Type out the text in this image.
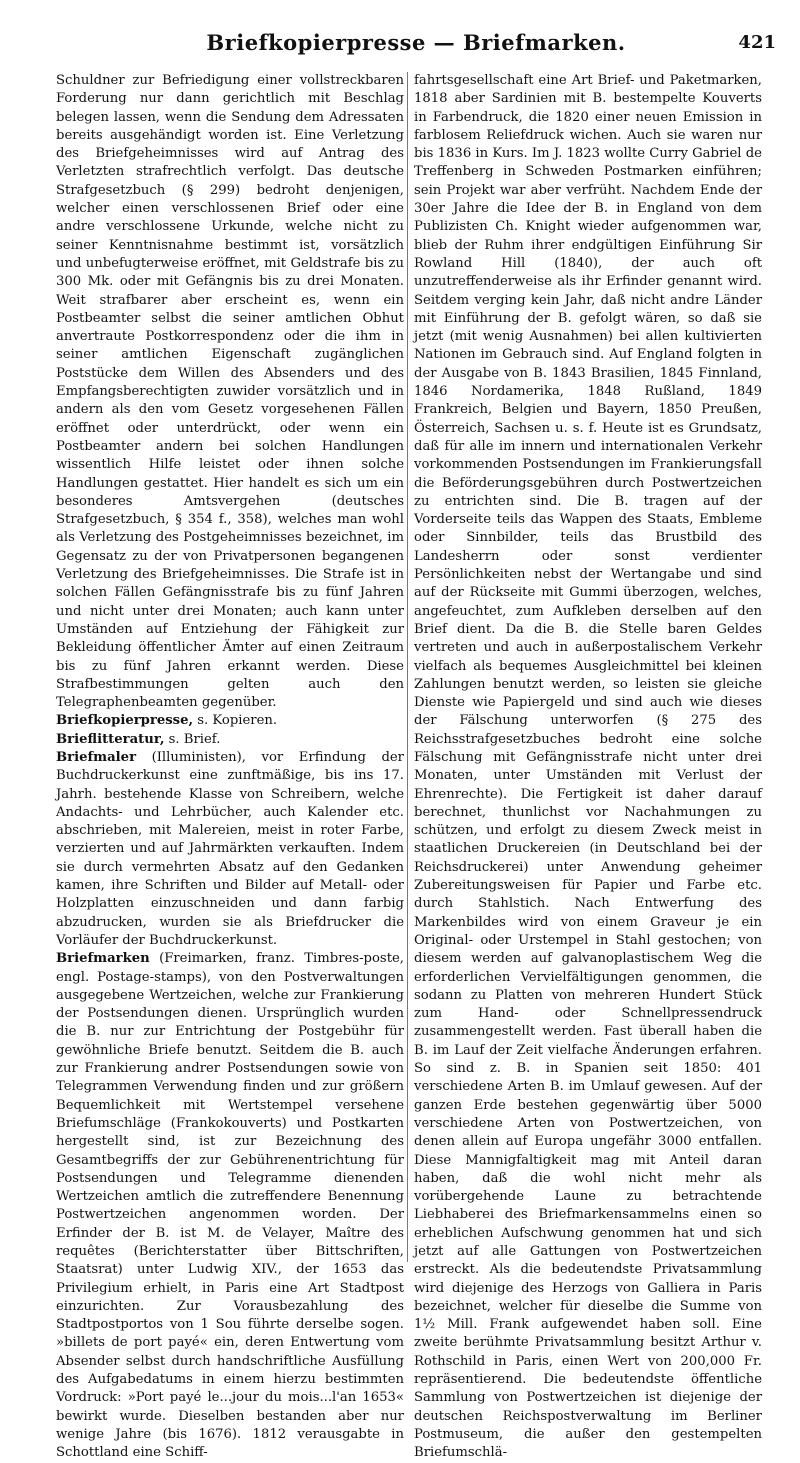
Briefkopierpresse — Briefmarken.	421

Schuldner zur Befriedigung einer vollstreckbaren Forderung nur dann gerichtlich mit Beschlag belegen lassen, wenn die Sendung dem Adressaten bereits ausgehändigt worden ist. Eine Verletzung des Briefgeheimnisses wird auf Antrag des Verletzten strafrechtlich verfolgt. Das deutsche Strafgesetzbuch (§ 299) bedroht denjenigen, welcher einen verschlossenen Brief oder eine andre verschlossene Urkunde, welche nicht zu seiner Kenntnisnahme bestimmt ist, vorsätzlich und unbefugterweise eröffnet, mit Geldstrafe bis zu 300 Mk. oder mit Gefängnis bis zu drei Monaten. Weit strafbarer aber erscheint es, wenn ein Postbeamter selbst die seiner amtlichen Obhut anvertraute Postkorrespondenz oder die ihm in seiner amtlichen Eigenschaft zugänglichen Poststücke dem Willen des Absenders und des Empfangsberechtigten zuwider vorsätzlich und in andern als den vom Gesetz vorgesehenen Fällen eröffnet oder unterdrückt, oder wenn ein Postbeamter andern bei solchen Handlungen wissentlich Hilfe leistet oder ihnen solche Handlungen gestattet. Hier handelt es sich um ein besonderes Amtsvergehen (deutsches Strafgesetzbuch, § 354 f., 358), welches man wohl als Verletzung des Postgeheimnisses bezeichnet, im Gegensatz zu der von Privatpersonen begangenen Verletzung des Briefgeheimnisses. Die Strafe ist in solchen Fällen Gefängnisstrafe bis zu fünf Jahren und nicht unter drei Monaten; auch kann unter Umständen auf Entziehung der Fähigkeit zur Bekleidung öffentlicher Ämter auf einen Zeitraum bis zu fünf Jahren erkannt werden. Diese Strafbestimmungen gelten auch den Telegraphenbeamten gegenüber.

Briefkopierpresse, s. Kopieren.

Brieflitteratur, s. Brief.

Briefmaler (Illuministen), vor Erfindung der Buchdruckerkunst eine zunftmäßige, bis ins 17. Jahrh. bestehende Klasse von Schreibern, welche Andachts- und Lehrbücher, auch Kalender etc. abschrieben, mit Malereien, meist in roter Farbe, verzierten und auf Jahrmärkten verkauften. Indem sie durch vermehrten Absatz auf den Gedanken kamen, ihre Schriften und Bilder auf Metall- oder Holzplatten einzuschneiden und dann farbig abzudrucken, wurden sie als Briefdrucker die Vorläufer der Buchdruckerkunst.

Briefmarken (Freimarken, franz. Timbres-poste, engl. Postage-stamps), von den Postverwaltungen ausgegebene Wertzeichen, welche zur Frankierung der Postsendungen dienen. Ursprünglich wurden die B. nur zur Entrichtung der Postgebühr für gewöhnliche Briefe benutzt. Seitdem die B. auch zur Frankierung andrer Postsendungen sowie von Telegrammen Verwendung finden und zur größern Bequemlichkeit mit Wertstempel versehene Briefumschläge (Frankokouverts) und Postkarten hergestellt sind, ist zur Bezeichnung des Gesamtbegriffs der zur Gebührenentrichtung für Postsendungen und Telegramme dienenden Wertzeichen amtlich die zutreffendere Benennung Postwertzeichen angenommen worden. Der Erfinder der B. ist M. de Velayer, Maître des requêtes (Berichterstatter über Bittschriften, Staatsrat) unter Ludwig XIV., der 1653 das Privilegium erhielt, in Paris eine Art Stadtpost einzurichten. Zur Vorausbezahlung des Stadtpostportos von 1 Sou führte derselbe sogen. »billets de port payé« ein, deren Entwertung vom Absender selbst durch handschriftliche Ausfüllung des Aufgabedatums in einem hierzu bestimmten Vordruck: »Port payé le...jour du mois...l'an 1653« bewirkt wurde. Dieselben bestanden aber nur wenige Jahre (bis 1676). 1812 verausgabte in Schottland eine Schiff-

fahrtsgesellschaft eine Art Brief- und Paketmarken, 1818 aber Sardinien mit B. bestempelte Kouverts in Farbendruck, die 1820 einer neuen Emission in farblosem Reliefdruck wichen. Auch sie waren nur bis 1836 in Kurs. Im J. 1823 wollte Curry Gabriel de Treffenberg in Schweden Postmarken einführen; sein Projekt war aber verfrüht. Nachdem Ende der 30er Jahre die Idee der B. in England von dem Publizisten Ch. Knight wieder aufgenommen war, blieb der Ruhm ihrer endgültigen Einführung Sir Rowland Hill (1840), der auch oft unzutreffenderweise als ihr Erfinder genannt wird. Seitdem verging kein Jahr, daß nicht andre Länder mit Einführung der B. gefolgt wären, so daß sie jetzt (mit wenig Ausnahmen) bei allen kultivierten Nationen im Gebrauch sind. Auf England folgten in der Ausgabe von B. 1843 Brasilien, 1845 Finnland, 1846 Nordamerika, 1848 Rußland, 1849 Frankreich, Belgien und Bayern, 1850 Preußen, Österreich, Sachsen u. s. f. Heute ist es Grundsatz, daß für alle im innern und internationalen Verkehr vorkommenden Postsendungen im Frankierungsfall die Beförderungsgebühren durch Postwertzeichen zu entrichten sind. Die B. tragen auf der Vorderseite teils das Wappen des Staats, Embleme oder Sinnbilder, teils das Brustbild des Landesherrn oder sonst verdienter Persönlichkeiten nebst der Wertangabe und sind auf der Rückseite mit Gummi überzogen, welches, angefeuchtet, zum Aufkleben derselben auf den Brief dient. Da die B. die Stelle baren Geldes vertreten und auch in außerpostalischem Verkehr vielfach als bequemes Ausgleichmittel bei kleinen Zahlungen benutzt werden, so leisten sie gleiche Dienste wie Papiergeld und sind auch wie dieses der Fälschung unterworfen (§ 275 des Reichsstrafgesetzbuches bedroht eine solche Fälschung mit Gefängnisstrafe nicht unter drei Monaten, unter Umständen mit Verlust der Ehrenrechte). Die Fertigkeit ist daher darauf berechnet, thunlichst vor Nachahmungen zu schützen, und erfolgt zu diesem Zweck meist in staatlichen Druckereien (in Deutschland bei der Reichsdruckerei) unter Anwendung geheimer Zubereitungsweisen für Papier und Farbe etc. durch Stahlstich. Nach Entwerfung des Markenbildes wird von einem Graveur je ein Original- oder Urstempel in Stahl gestochen; von diesem werden auf galvanoplastischem Weg die erforderlichen Vervielfältigungen genommen, die sodann zu Platten von mehreren Hundert Stück zum Hand- oder Schnellpressendruck zusammengestellt werden. Fast überall haben die B. im Lauf der Zeit vielfache Änderungen erfahren. So sind z. B. in Spanien seit 1850: 401 verschiedene Arten B. im Umlauf gewesen. Auf der ganzen Erde bestehen gegenwärtig über 5000 verschiedene Arten von Postwertzeichen, von denen allein auf Europa ungefähr 3000 entfallen. Diese Mannigfaltigkeit mag mit Anteil daran haben, daß die wohl nicht mehr als vorübergehende Laune zu betrachtende Liebhaberei des Briefmarkensammelns einen so erheblichen Aufschwung genommen hat und sich jetzt auf alle Gattungen von Postwertzeichen erstreckt. Als die bedeutendste Privatsammlung wird diejenige des Herzogs von Galliera in Paris bezeichnet, welcher für dieselbe die Summe von 1½ Mill. Frank aufgewendet haben soll. Eine zweite berühmte Privatsammlung besitzt Arthur v. Rothschild in Paris, einen Wert von 200,000 Fr. repräsentierend. Die bedeutendste öffentliche Sammlung von Postwertzeichen ist diejenige der deutschen Reichspostverwaltung im Berliner Postmuseum, die außer den gestempelten Briefumschlä-
